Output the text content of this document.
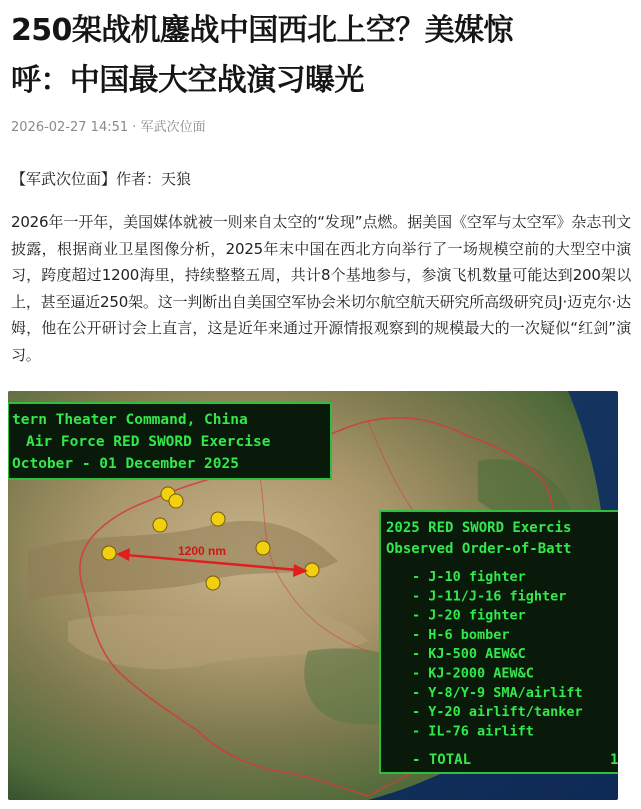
250架战机鏖战中国西北上空？美媒惊
呼：中国最大空战演习曝光
2026-02-27 14:51 · 军武次位面
【军武次位面】作者：天狼

2026年一开年，美国媒体就被一则来自太空的“发现”点燃。据美国《空军与太空军》杂志刊文披露，根据商业卫星图像分析，2025年末中国在西北方向举行了一场规模空前的大型空中演习，跨度超过1200海里，持续整整五周，共计8个基地参与，参演飞机数量可能达到200架以上，甚至逼近250架。这一判断出自美国空军协会米切尔航空航天研究所高级研究员J·迈克尔·达姆，他在公开研讨会上直言，这是近年来通过开源情报观察到的规模最大的一次疑似“红剑”演习。

tern Theater Command, China
Air Force RED SWORD Exercise
October - 01 December 2025
1200 nm
2025 RED SWORD Exercis
Observed Order-of-Batt
- J-10 fighter
- J-11/J-16 fighter
- J-20 fighter
- H-6 bomber
- KJ-500 AEW&C
- KJ-2000 AEW&C
- Y-8/Y-9 SMA/airlift
- Y-20 airlift/tanker
- IL-76 airlift
- TOTAL	1
